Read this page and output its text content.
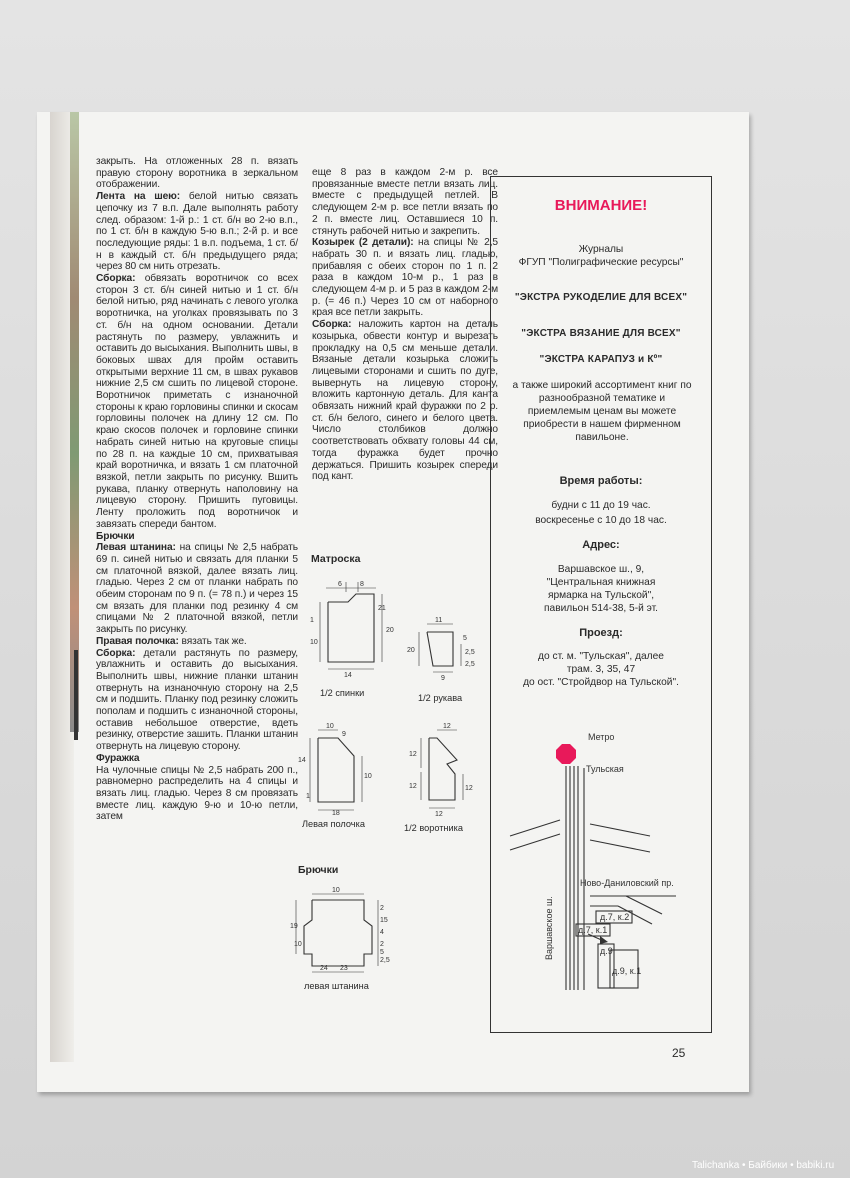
закрыть. На отложенных 28 п. вязать правую сторону воротника в зеркальном отображении.

Лента на шею: белой нитью связать цепочку из 7 в.п. Дале выполнять работу след. образом: 1-й р.: 1 ст. б/н во 2-ю в.п., по 1 ст. б/н в каждую 5-ю в.п.; 2-й р. и все последующие ряды: 1 в.п. подъема, 1 ст. б/н в каждый ст. б/н предыдущего ряда; через 80 см нить отрезать.

Сборка: обвязать воротничок со всех сторон 3 ст. б/н синей нитью и 1 ст. б/н белой нитью, ряд начинать с левого уголка воротничка, на уголках провязывать по 3 ст. б/н на одном основании. Детали растянуть по размеру, увлажнить и оставить до высыхания. Выполнить швы, в боковых швах для пройм оставить открытыми верхние 11 см, в швах рукавов нижние 2,5 см сшить по лицевой стороне. Воротничок приметать с изнаночной стороны к краю горловины спинки и скосам горловины полочек на длину 12 см. По краю скосов полочек и горловине спинки набрать синей нитью на круговые спицы по 28 п. на каждые 10 см, прихватывая край воротничка, и вязать 1 см платочной вязкой, петли закрыть по рисунку. Вшить рукава, планку отвернуть наполовину на лицевую сторону. Пришить пуговицы. Ленту проложить под воротничок и завязать спереди бантом.

Брючки

Левая штанина: на спицы № 2,5 набрать 69 п. синей нитью и связать для планки 5 см платочной вязкой, далее вязать лиц. гладью. Через 2 см от планки набрать по обеим сторонам по 9 п. (= 78 п.) и через 15 см вязать для планки под резинку 4 см спицами № 2 платочной вязкой, петли закрыть по рисунку.

Правая полочка: вязать так же.

Сборка: детали растянуть по размеру, увлажнить и оставить до высыхания. Выполнить швы, нижние планки штанин отвернуть на изнаночную сторону на 2,5 см и подшить. Планку под резинку сложить пополам и подшить с изнаночной стороны, оставив небольшое отверстие, вдеть резинку, отверстие зашить. Планки штанин отвернуть на лицевую сторону.

Фуражка

На чулочные спицы № 2,5 набрать 200 п., равномерно распределить на 4 спицы и вязать лиц. гладью. Через 8 см провязать вместе лиц. каждую 9-ю и 10-ю петли, затем

еще 8 раз в каждом 2-м р. все провязанные вместе петли вязать лиц. вместе с предыдущей петлей. В следующем 2-м р. все петли вязать по 2 п. вместе лиц. Оставшиеся 10 п. стянуть рабочей нитью и закрепить.

Козырек (2 детали): на спицы № 2,5 набрать 30 п. и вязать лиц. гладью, прибавляя с обеих сторон по 1 п. 2 раза в каждом 10-м р., 1 раз в следующем 4-м р. и 5 раз в каждом 2-м р. (= 46 п.) Через 10 см от наборного края все петли закрыть.

Сборка: наложить картон на деталь козырька, обвести контур и вырезать прокладку на 0,5 см меньше детали. Вязаные детали козырька сложить лицевыми сторонами и сшить по дуге, вывернуть на лицевую сторону, вложить картонную деталь. Для канта обвязать нижний край фуражки по 2 р. ст. б/н белого, синего и белого цвета. Число столбиков должно соответствовать обхвату головы 44 см, тогда фуражка будет прочно держаться. Пришить козырек спереди под кант.

Матроска
6	8
21
20
1
10
14
1/2 спинки
11
5
2,5
2,5
9
20
1/2 рукава
10
9
14
10
1
18
Левая полочка
12
12
12	12
12
1/2 воротника
Брючки
10
19
15
2
4
10	2
5
2,5
24 23
левая штанина
ВНИМАНИЕ!
Журналы
ФГУП "Полиграфические ресурсы"
"ЭКСТРА РУКОДЕЛИЕ ДЛЯ ВСЕХ"
"ЭКСТРА ВЯЗАНИЕ ДЛЯ ВСЕХ"
"ЭКСТРА КАРАПУЗ и Кº"
а также широкий ассортимент книг по разнообразной тематике и приемлемым ценам вы можете приобрести в нашем фирменном павильоне.
Время работы:
будни с 11 до 19 час.
воскресенье с 10 до 18 час.
Адрес:
Варшавское ш., 9,
"Центральная книжная ярмарка на Тульской",
павильон 514-38, 5-й эт.
Проезд:
до ст. м. "Тульская", далее
трам. 3, 35, 47
до ост. "Стройдвор на Тульской".
Метро
Тульская
Ново-Даниловский пр.
Варшавское ш.	д.7, к.2
д.7, к.1
д.9
д.9, к.1
25
Talichanka • Байбики • babiki.ru
